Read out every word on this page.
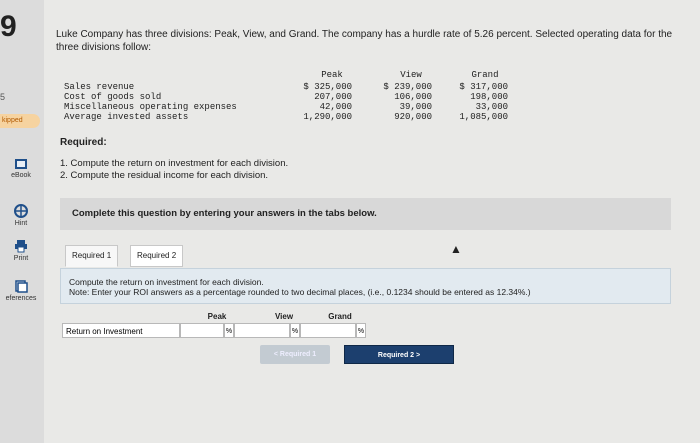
9
5
kipped
eBook
Hint
Print
eferences
Luke Company has three divisions: Peak, View, and Grand. The company has a hurdle rate of 5.26 percent. Selected operating data for the three divisions follow:
Peak	View	Grand
Sales revenue	$ 325,000	$ 239,000	$ 317,000
Cost of goods sold	207,000	106,000	198,000
Miscellaneous operating expenses	42,000	39,000	33,000
Average invested assets	1,290,000	920,000	1,085,000
Required:
1. Compute the return on investment for each division.
2. Compute the residual income for each division.
Complete this question by entering your answers in the tabs below.
▲
Required 1	Required 2
Compute the return on investment for each division.
Note: Enter your ROI answers as a percentage rounded to two decimal places, (i.e., 0.1234 should be entered as 12.34%.)
Peak	View	Grand
Return on Investment	%	%	%
< Required 1	Required 2 >
